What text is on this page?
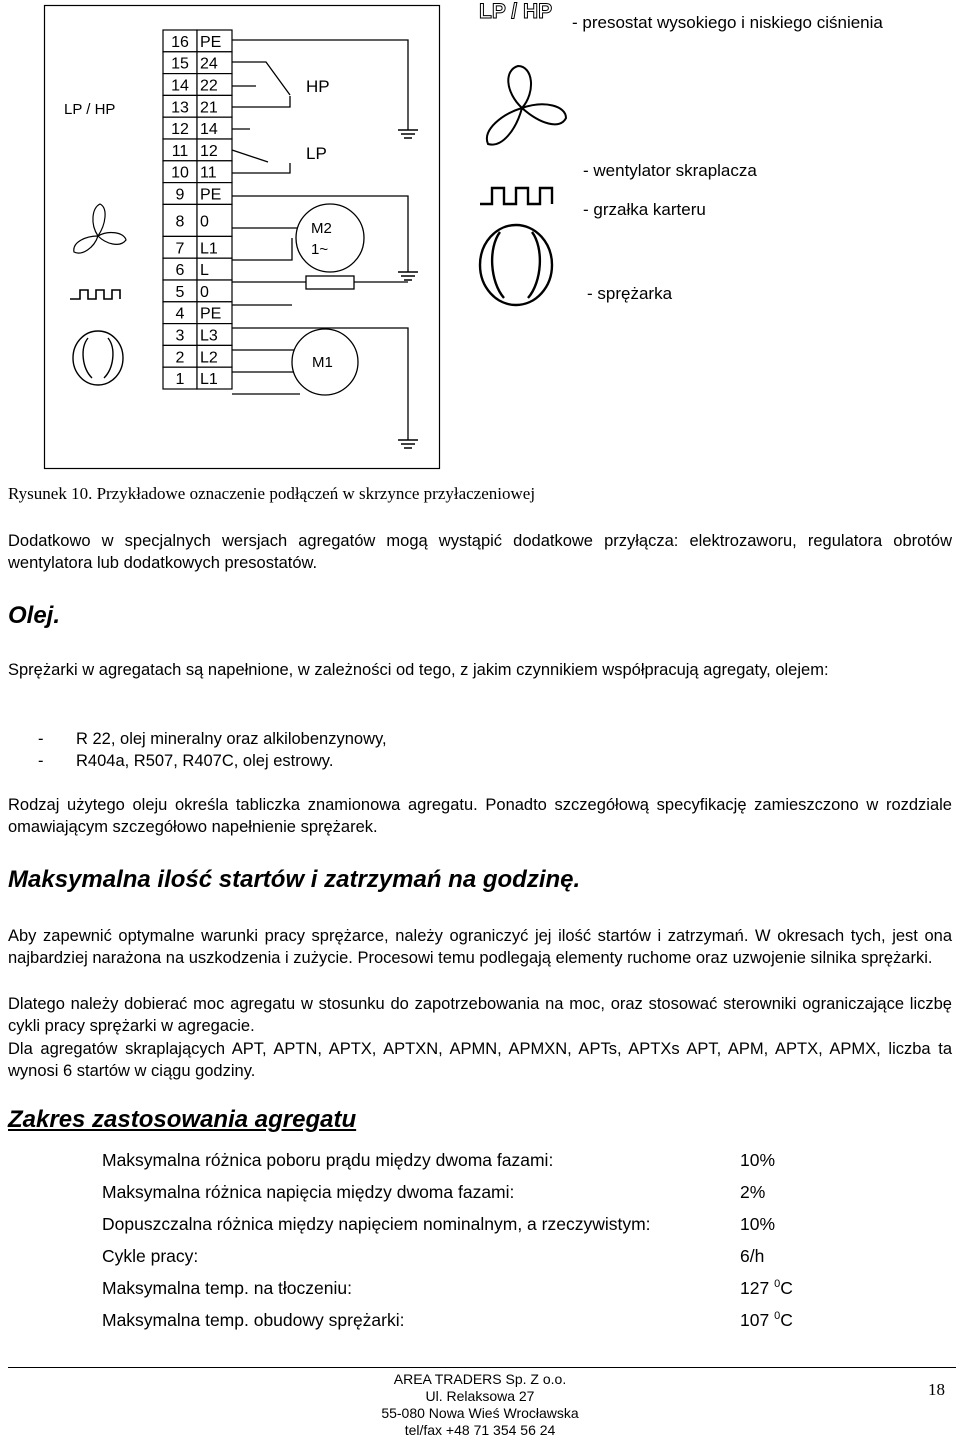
LP / HP
16 PE
15 24
14 22
13 21
12 14
11 12
10 11
9 PE
8 0
7 L1
6 L
5 0
4 PE
3 L3
2 L2
1 L1
HP
LP
M2
1~
M1
LP / HP - presostat wysokiego i niskiego ciśnienia
- wentylator skraplacza
- grzałka karteru
- sprężarka
Rysunek 10. Przykładowe oznaczenie podłączeń w skrzynce przyłaczeniowej
Dodatkowo w specjalnych wersjach agregatów mogą wystąpić dodatkowe przyłącza: elektrozaworu, regulatora obrotów wentylatora lub dodatkowych presostatów.
Olej.
Sprężarki w agregatach są napełnione, w zależności od tego, z jakim czynnikiem współpracują agregaty, olejem:
- R 22, olej mineralny oraz alkilobenzynowy,
- R404a, R507, R407C, olej estrowy.
Rodzaj użytego oleju określa tabliczka znamionowa agregatu. Ponadto szczegółową specyfikację zamieszczono w rozdziale omawiającym szczegółowo napełnienie sprężarek.
Maksymalna ilość startów i zatrzymań na godzinę.
Aby zapewnić optymalne warunki pracy sprężarce, należy ograniczyć jej ilość startów i zatrzymań. W okresach tych, jest ona najbardziej narażona na uszkodzenia i zużycie. Procesowi temu podlegają elementy ruchome oraz uzwojenie silnika sprężarki.
Dlatego należy dobierać moc agregatu w stosunku do zapotrzebowania na moc, oraz stosować sterowniki ograniczające liczbę cykli pracy sprężarki w agregacie.
Dla agregatów skraplających APT, APTN, APTX, APTXN, APMN, APMXN, APTs, APTXs APT, APM, APTX, APMX, liczba ta wynosi 6 startów w ciągu godziny.
Zakres zastosowania agregatu
Maksymalna różnica poboru prądu między dwoma fazami:	10%
Maksymalna różnica napięcia między dwoma fazami:	2%
Dopuszczalna różnica między napięciem nominalnym, a rzeczywistym:	10%
Cykle pracy:	6/h
Maksymalna temp. na tłoczeniu:	127 $^0$C
Maksymalna temp. obudowy sprężarki:	107 $^0$C
AREA TRADERS Sp. Z o.o.
Ul. Relaksowa 27
55-080 Nowa Wieś Wrocławska
tel/fax +48 71 354 56 24
18
